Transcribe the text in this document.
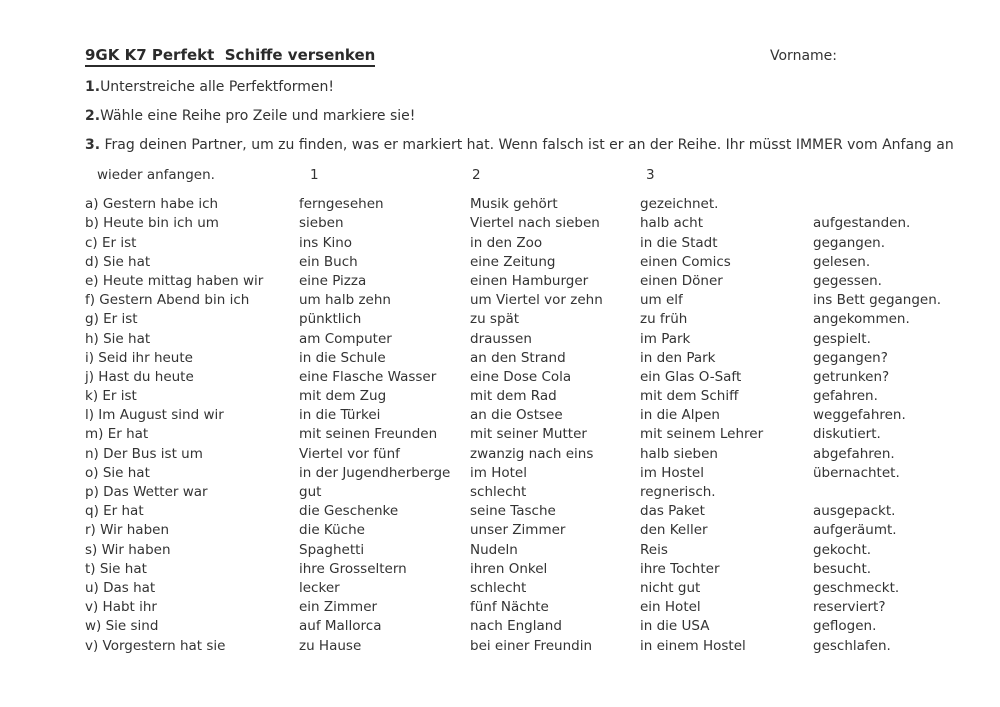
9GK K7 Perfekt  Schiffe versenken	Vorname:
1.Unterstreiche alle Perfektformen!
2.Wähle eine Reihe pro Zeile und markiere sie!
3. Frag deinen Partner, um zu finden, was er markiert hat. Wenn falsch ist er an der Reihe. Ihr müsst IMMER vom Anfang an
wieder anfangen.	1	2	3
a) Gestern habe ich	ferngesehen	Musik gehört	gezeichnet.
b) Heute bin ich um	sieben	Viertel nach sieben	halb acht	aufgestanden.
c) Er ist	ins Kino	in den Zoo	in die Stadt	gegangen.
d) Sie hat	ein Buch	eine Zeitung	einen Comics	gelesen.
e) Heute mittag haben wir	eine Pizza	einen Hamburger	einen Döner	gegessen.
f) Gestern Abend bin ich	um halb zehn	um Viertel vor zehn	um elf	ins Bett gegangen.
g) Er ist	pünktlich	zu spät	zu früh	angekommen.
h) Sie hat	am Computer	draussen	im Park	gespielt.
i) Seid ihr heute	in die Schule	an den Strand	in den Park	gegangen?
j) Hast du heute	eine Flasche Wasser	eine Dose Cola	ein Glas O-Saft	getrunken?
k) Er ist	mit dem Zug	mit dem Rad	mit dem Schiff	gefahren.
l) Im August sind wir	in die Türkei	an die Ostsee	in die Alpen	weggefahren.
m) Er hat	mit seinen Freunden	mit seiner Mutter	mit seinem Lehrer	diskutiert.
n) Der Bus ist um	Viertel vor fünf	zwanzig nach eins	halb sieben	abgefahren.
o) Sie hat	in der Jugendherberge	im Hotel	im Hostel	übernachtet.
p) Das Wetter war	gut	schlecht	regnerisch.
q) Er hat	die Geschenke	seine Tasche	das Paket	ausgepackt.
r) Wir haben	die Küche	unser Zimmer	den Keller	aufgeräumt.
s) Wir haben	Spaghetti	Nudeln	Reis	gekocht.
t) Sie hat	ihre Grosseltern	ihren Onkel	ihre Tochter	besucht.
u) Das hat	lecker	schlecht	nicht gut	geschmeckt.
v) Habt ihr	ein Zimmer	fünf Nächte	ein Hotel	reserviert?
w) Sie sind	auf Mallorca	nach England	in die USA	geflogen.
v) Vorgestern hat sie	zu Hause	bei einer Freundin	in einem Hostel	geschlafen.
